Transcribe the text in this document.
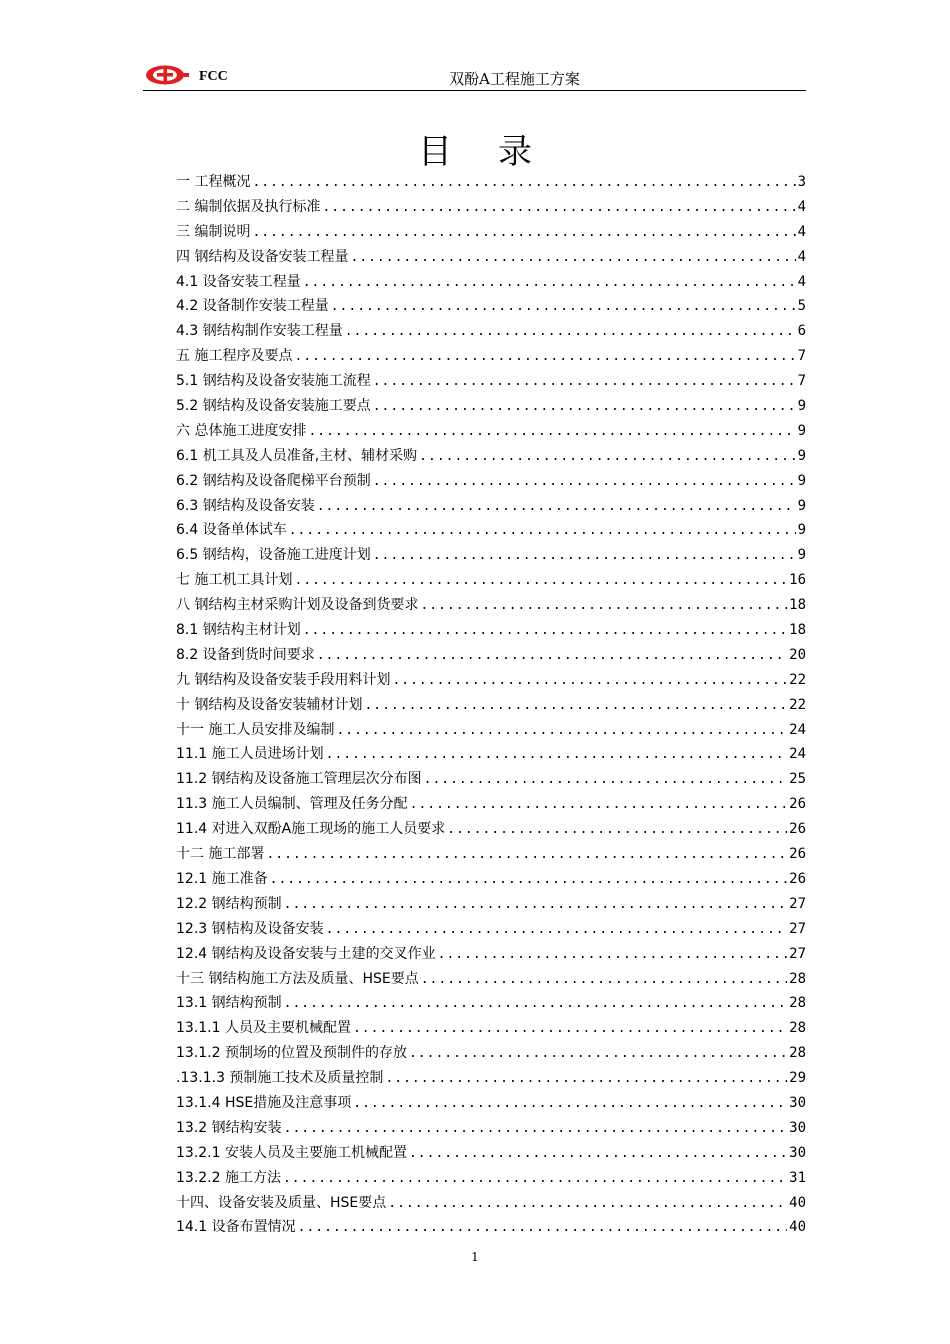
FCC	双酚A工程施工方案
目录
一 工程概况 .....	3
二 编制依据及执行标准 .....	4
三 编制说明 .....	4
四 钢结构及设备安装工程量 .....	4
4.1 设备安装工程量 .....	4
4.2 设备制作安装工程量 .....	5
4.3 钢结构制作安装工程量 .....	6
五 施工程序及要点 .....	7
5.1 钢结构及设备安装施工流程 .....	7
5.2 钢结构及设备安装施工要点 .....	9
六 总体施工进度安排 .....	9
6.1 机工具及人员准备,主材、辅材采购 .....	9
6.2 钢结构及设备爬梯平台预制 .....	9
6.3 钢结构及设备安装 .....	9
6.4 设备单体试车 .....	9
6.5 钢结构，设备施工进度计划 .....	9
七 施工机工具计划 .....	16
八 钢结构主材采购计划及设备到货要求 .....	18
8.1 钢结构主材计划 .....	18
8.2 设备到货时间要求 .....	20
九 钢结构及设备安装手段用料计划 .....	22
十 钢结构及设备安装辅材计划 .....	22
十一 施工人员安排及编制 .....	24
11.1 施工人员进场计划 .....	24
11.2 钢结构及设备施工管理层次分布图 .....	25
11.3 施工人员编制、管理及任务分配 .....	26
11.4 对进入双酚A施工现场的施工人员要求 .....	26
十二 施工部署 .....	26
12.1 施工准备 .....	26
12.2 钢结构预制 .....	27
12.3 钢桔构及设备安装 .....	27
12.4 钢结构及设备安装与土建的交叉作业 .....	27
十三 钢结构施工方法及质量、HSE要点 .....	28
13.1 钢结构预制 .....	28
13.1.1 人员及主要机械配置 .....	28
13.1.2 预制场的位置及预制件的存放 .....	28
.13.1.3 预制施工技术及质量控制 .....	29
13.1.4 HSE措施及注意事项 .....	30
13.2 钢结构安装 .....	30
13.2.1 安装人员及主要施工机械配置 .....	30
13.2.2 施工方法 .....	31
十四、设备安装及质量、HSE要点 .....	40
14.1 设备布置情况 .....	40
1
